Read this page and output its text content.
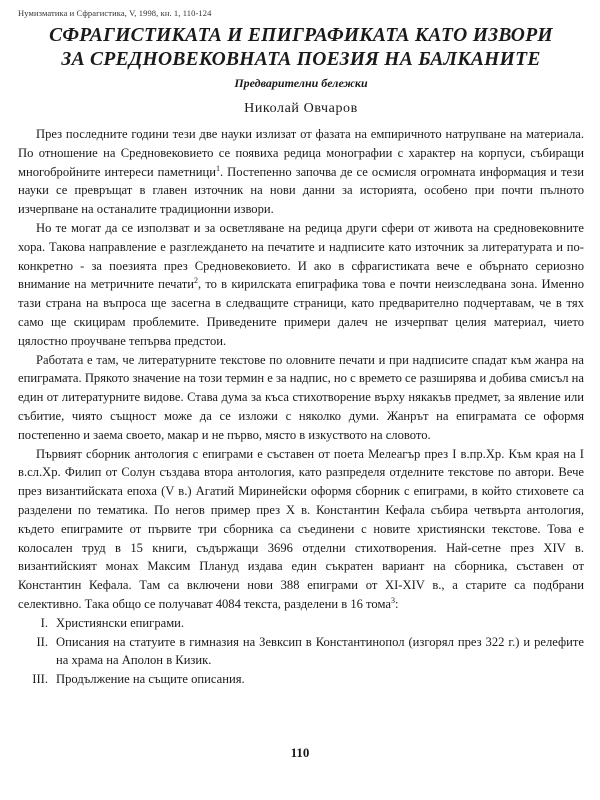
Нумизматика и Сфрагистика, V, 1998, кн. 1, 110-124
СФРАГИСТИКАТА И ЕПИГРАФИКАТА КАТО ИЗВОРИ ЗА СРЕДНОВЕКОВНАТА ПОЕЗИЯ НА БАЛКАНИТЕ
Предварителни бележки
Николай Овчаров

През последните години тези две науки излизат от фазата на емпиричното натрупване на материала. По отношение на Средновековието се появиха редица монографии с характер на корпуси, събиращи многобройните интереси паметници$^1$. Постепенно започва де се осмисля огромната информация и тези науки се превръщат в главен източник на нови данни за историята, особено при почти пълното изчерпване на останалите традиционни извори.

Но те могат да се използват и за осветляване на редица други сфери от живота на средновековните хора. Такова направление е разглеждането на печатите и надписите като източник за литературата и по-конкретно - за поезията през Средновековието. И ако в сфрагистиката вече е обърнато сериозно внимание на метричните печати$^2$, то в кирилската епиграфика това е почти неизследвана зона. Именно тази страна на въпроса ще засегна в следващите страници, като предварително подчертавам, че в тях само ще скицирам проблемите. Приведените примери далеч не изчерпват целия материал, чието цялостно проучване тепърва предстои.

Работата е там, че литературните текстове по оловните печати и при надписите спадат към жанра на епиграмата. Прякото значение на този термин е за надпис, но с времето се разширява и добива смисъл на един от литературните видове. Става дума за къса стихотворение върху някакъв предмет, за явление или събитие, чиято същност може да се изложи с няколко думи. Жанрът на епиграмата се оформя постепенно и заема своето, макар и не първо, място в изкуството на словото.

Първият сборник антология с епиграми е съставен от поета Мелеагър през I в.пр.Хр. Към края на I в.сл.Хр. Филип от Солун създава втора антология, като разпределя отделните текстове по автори. Вече през византийската епоха (V в.) Агатий Миринейски оформя сборник с епиграми, в който стиховете са разделени по тематика. По негов пример през X в. Константин Кефала събира четвърта антология, където епиграмите от първите три сборника са съединени с новите християнски текстове. Това е колосален труд в 15 книги, съдържащи 3696 отделни стихотворения. Най-сетне през XIV в. византийският монах Максим Плануд издава един съкратен вариант на сборника, съставен от Константин Кефала. Там са включени нови 388 епиграми от XI-XIV в., а старите са подбрани селективно. Така общо се получават 4084 текста, разделени в 16 тома$^3$:

I. Християнски епиграми.
II. Описания на статуите в гимназия на Зевксип в Константинопол (изгорял през 322 г.) и релефите на храма на Аполон в Кизик.
III. Продължение на същите описания.
110
